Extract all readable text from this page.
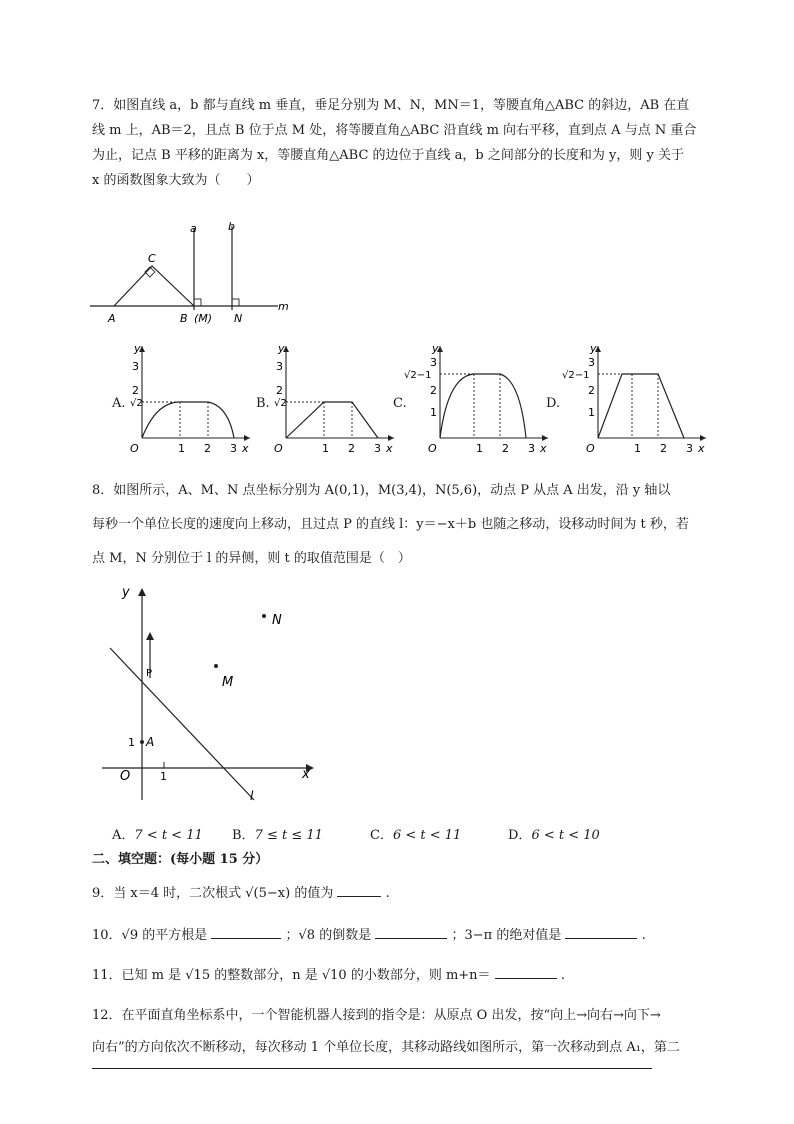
7．如图直线 a，b 都与直线 m 垂直，垂足分别为 M、N，MN＝1，等腰直角△ABC 的斜边，AB 在直
线 m 上，AB＝2，且点 B 位于点 M 处，将等腰直角△ABC 沿直线 m 向右平移，直到点 A 与点 N 重合
为止，记点 B 平移的距离为 x，等腰直角△ABC 的边位于直线 a，b 之间部分的长度和为 y，则 y 关于
x 的函数图象大致为（　　）
a	b
m
C
A	B (M) N
A.
y
x
O
3
2
√2
1 2 3
B.
y
x
O
3
2
√2
1 2 3
C.
y
x
O
3
√2−1
2
1
1 2 3
D.
y
x
O
3
√2−1
2
1
1 2 3
8．如图所示，A、M、N 点坐标分别为 A(0,1)，M(3,4)，N(5,6)，动点 P 从点 A 出发，沿 y 轴以
每秒一个单位长度的速度向上移动，且过点 P 的直线 l：y＝−x＋b 也随之移动，设移动时间为 t 秒，若
点 M，N 分别位于 l 的异侧，则 t 的取值范围是（　）
y
x
O	1
1 A
P
M
N
l
A．7 < t < 11 B．7 ≤ t ≤ 11	C．6 < t < 11	D．6 < t < 10
二、填空题：(每小题 15 分）
9．当 x＝4 时，二次根式 √(5−x) 的值为	.
10．√9 的平方根是	；√8 的倒数是	；3−π 的绝对值是	.
11．已知 m 是 √15 的整数部分，n 是 √10 的小数部分，则 m+n＝	.
12．在平面直角坐标系中，一个智能机器人接到的指令是：从原点 O 出发，按“向上→向右→向下→
向右”的方向依次不断移动，每次移动 1 个单位长度，其移动路线如图所示，第一次移动到点 A₁，第二
